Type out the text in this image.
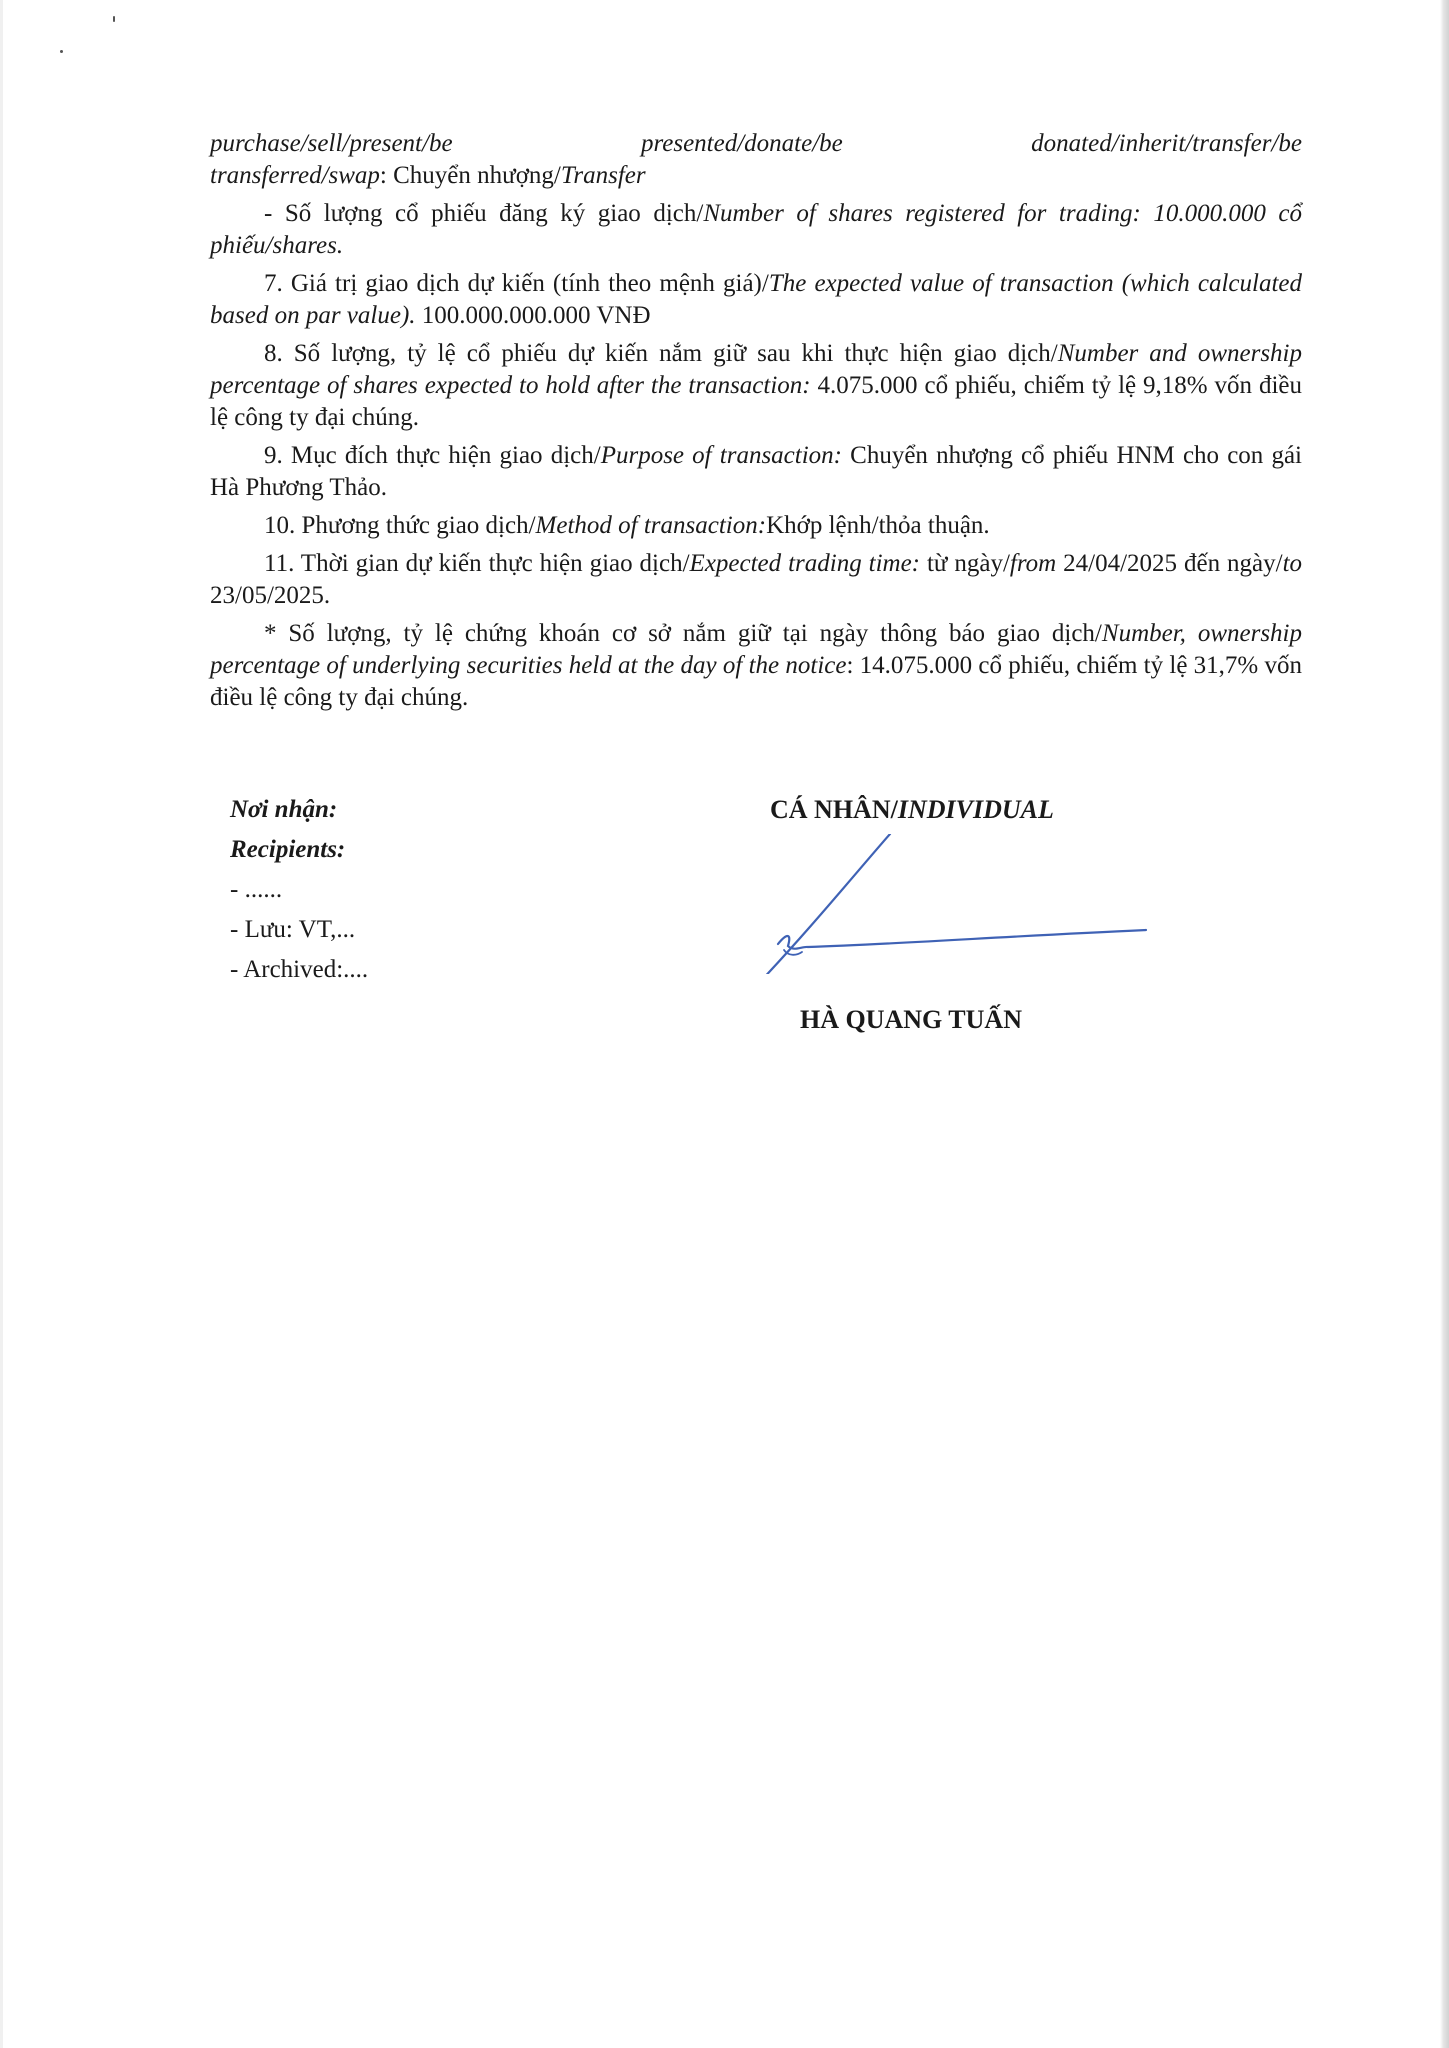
purchase/sell/present/be	presented/donate/be	donated/inherit/transfer/be
transferred/swap: Chuyển nhượng/Transfer

- Số lượng cổ phiếu đăng ký giao dịch/Number of shares registered for trading: 10.000.000 cổ phiếu/shares.

7. Giá trị giao dịch dự kiến (tính theo mệnh giá)/The expected value of transaction (which calculated based on par value). 100.000.000.000 VNĐ

8. Số lượng, tỷ lệ cổ phiếu dự kiến nắm giữ sau khi thực hiện giao dịch/Number and ownership percentage of shares expected to hold after the transaction: 4.075.000 cổ phiếu, chiếm tỷ lệ 9,18% vốn điều lệ công ty đại chúng.

9. Mục đích thực hiện giao dịch/Purpose of transaction: Chuyển nhượng cổ phiếu HNM cho con gái Hà Phương Thảo.

10. Phương thức giao dịch/Method of transaction:Khớp lệnh/thỏa thuận.

11. Thời gian dự kiến thực hiện giao dịch/Expected trading time: từ ngày/from 24/04/2025 đến ngày/to 23/05/2025.

* Số lượng, tỷ lệ chứng khoán cơ sở nắm giữ tại ngày thông báo giao dịch/Number, ownership percentage of underlying securities held at the day of the notice: 14.075.000 cổ phiếu, chiếm tỷ lệ 31,7% vốn điều lệ công ty đại chúng.

Nơi nhận:
Recipients:
- ......
- Lưu: VT,...
- Archived:....
CÁ NHÂN/INDIVIDUAL
HÀ QUANG TUẤN
